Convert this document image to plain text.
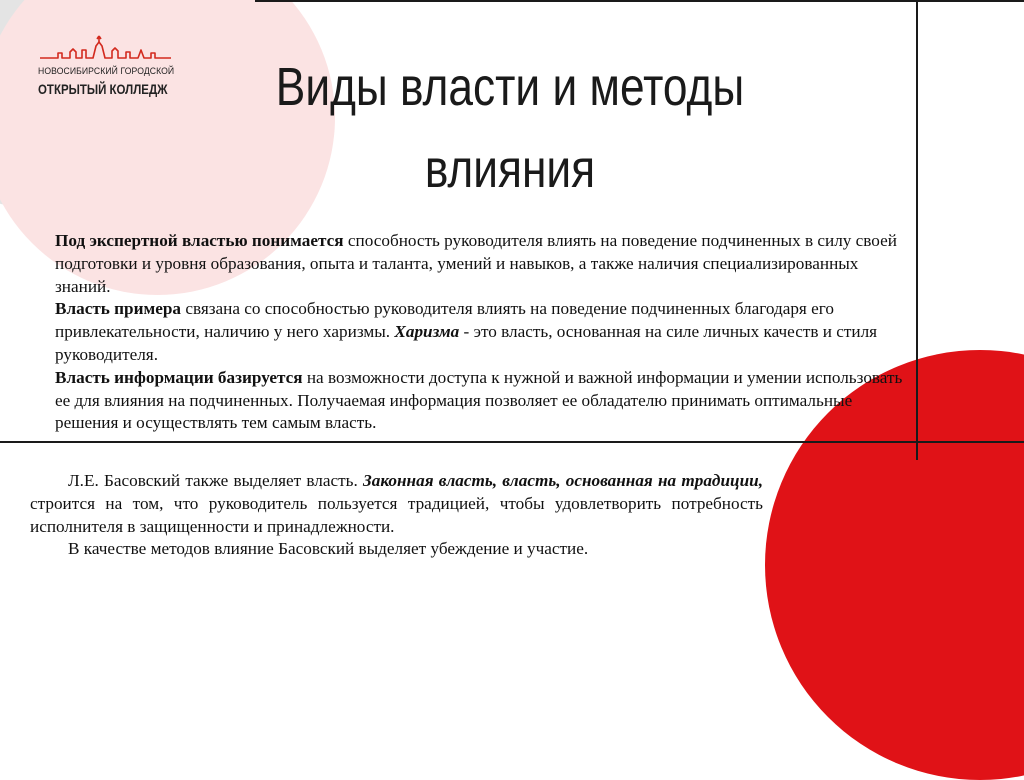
НОВОСИБИРСКИЙ ГОРОДСКОЙ
ОТКРЫТЫЙ КОЛЛЕДЖ	Виды власти и методы влияния

Под экспертной властью понимается способность руководителя влиять на поведение подчиненных в силу своей подготовки и уровня образования, опыта и таланта, умений и навыков, а также наличия специализированных знаний.

Власть примера связана со способностью руководителя влиять на поведение подчиненных благодаря его привлекательности, наличию у него харизмы. Харизма - это власть, основанная на силе личных качеств и стиля руководителя.

Власть информации базируется на возможности доступа к нужной и важной информации и умении использовать ее для влияния на подчиненных. Получаемая информация позволяет ее обладателю принимать оптимальные решения и осуществлять тем самым власть.

Л.Е. Басовский также выделяет власть. Законная власть, власть, основанная на традиции, строится на том, что руководитель пользуется традицией, чтобы удовлетворить потребность исполнителя в защищенности и принадлежности.

В качестве методов влияние Басовский выделяет убеждение и участие.
